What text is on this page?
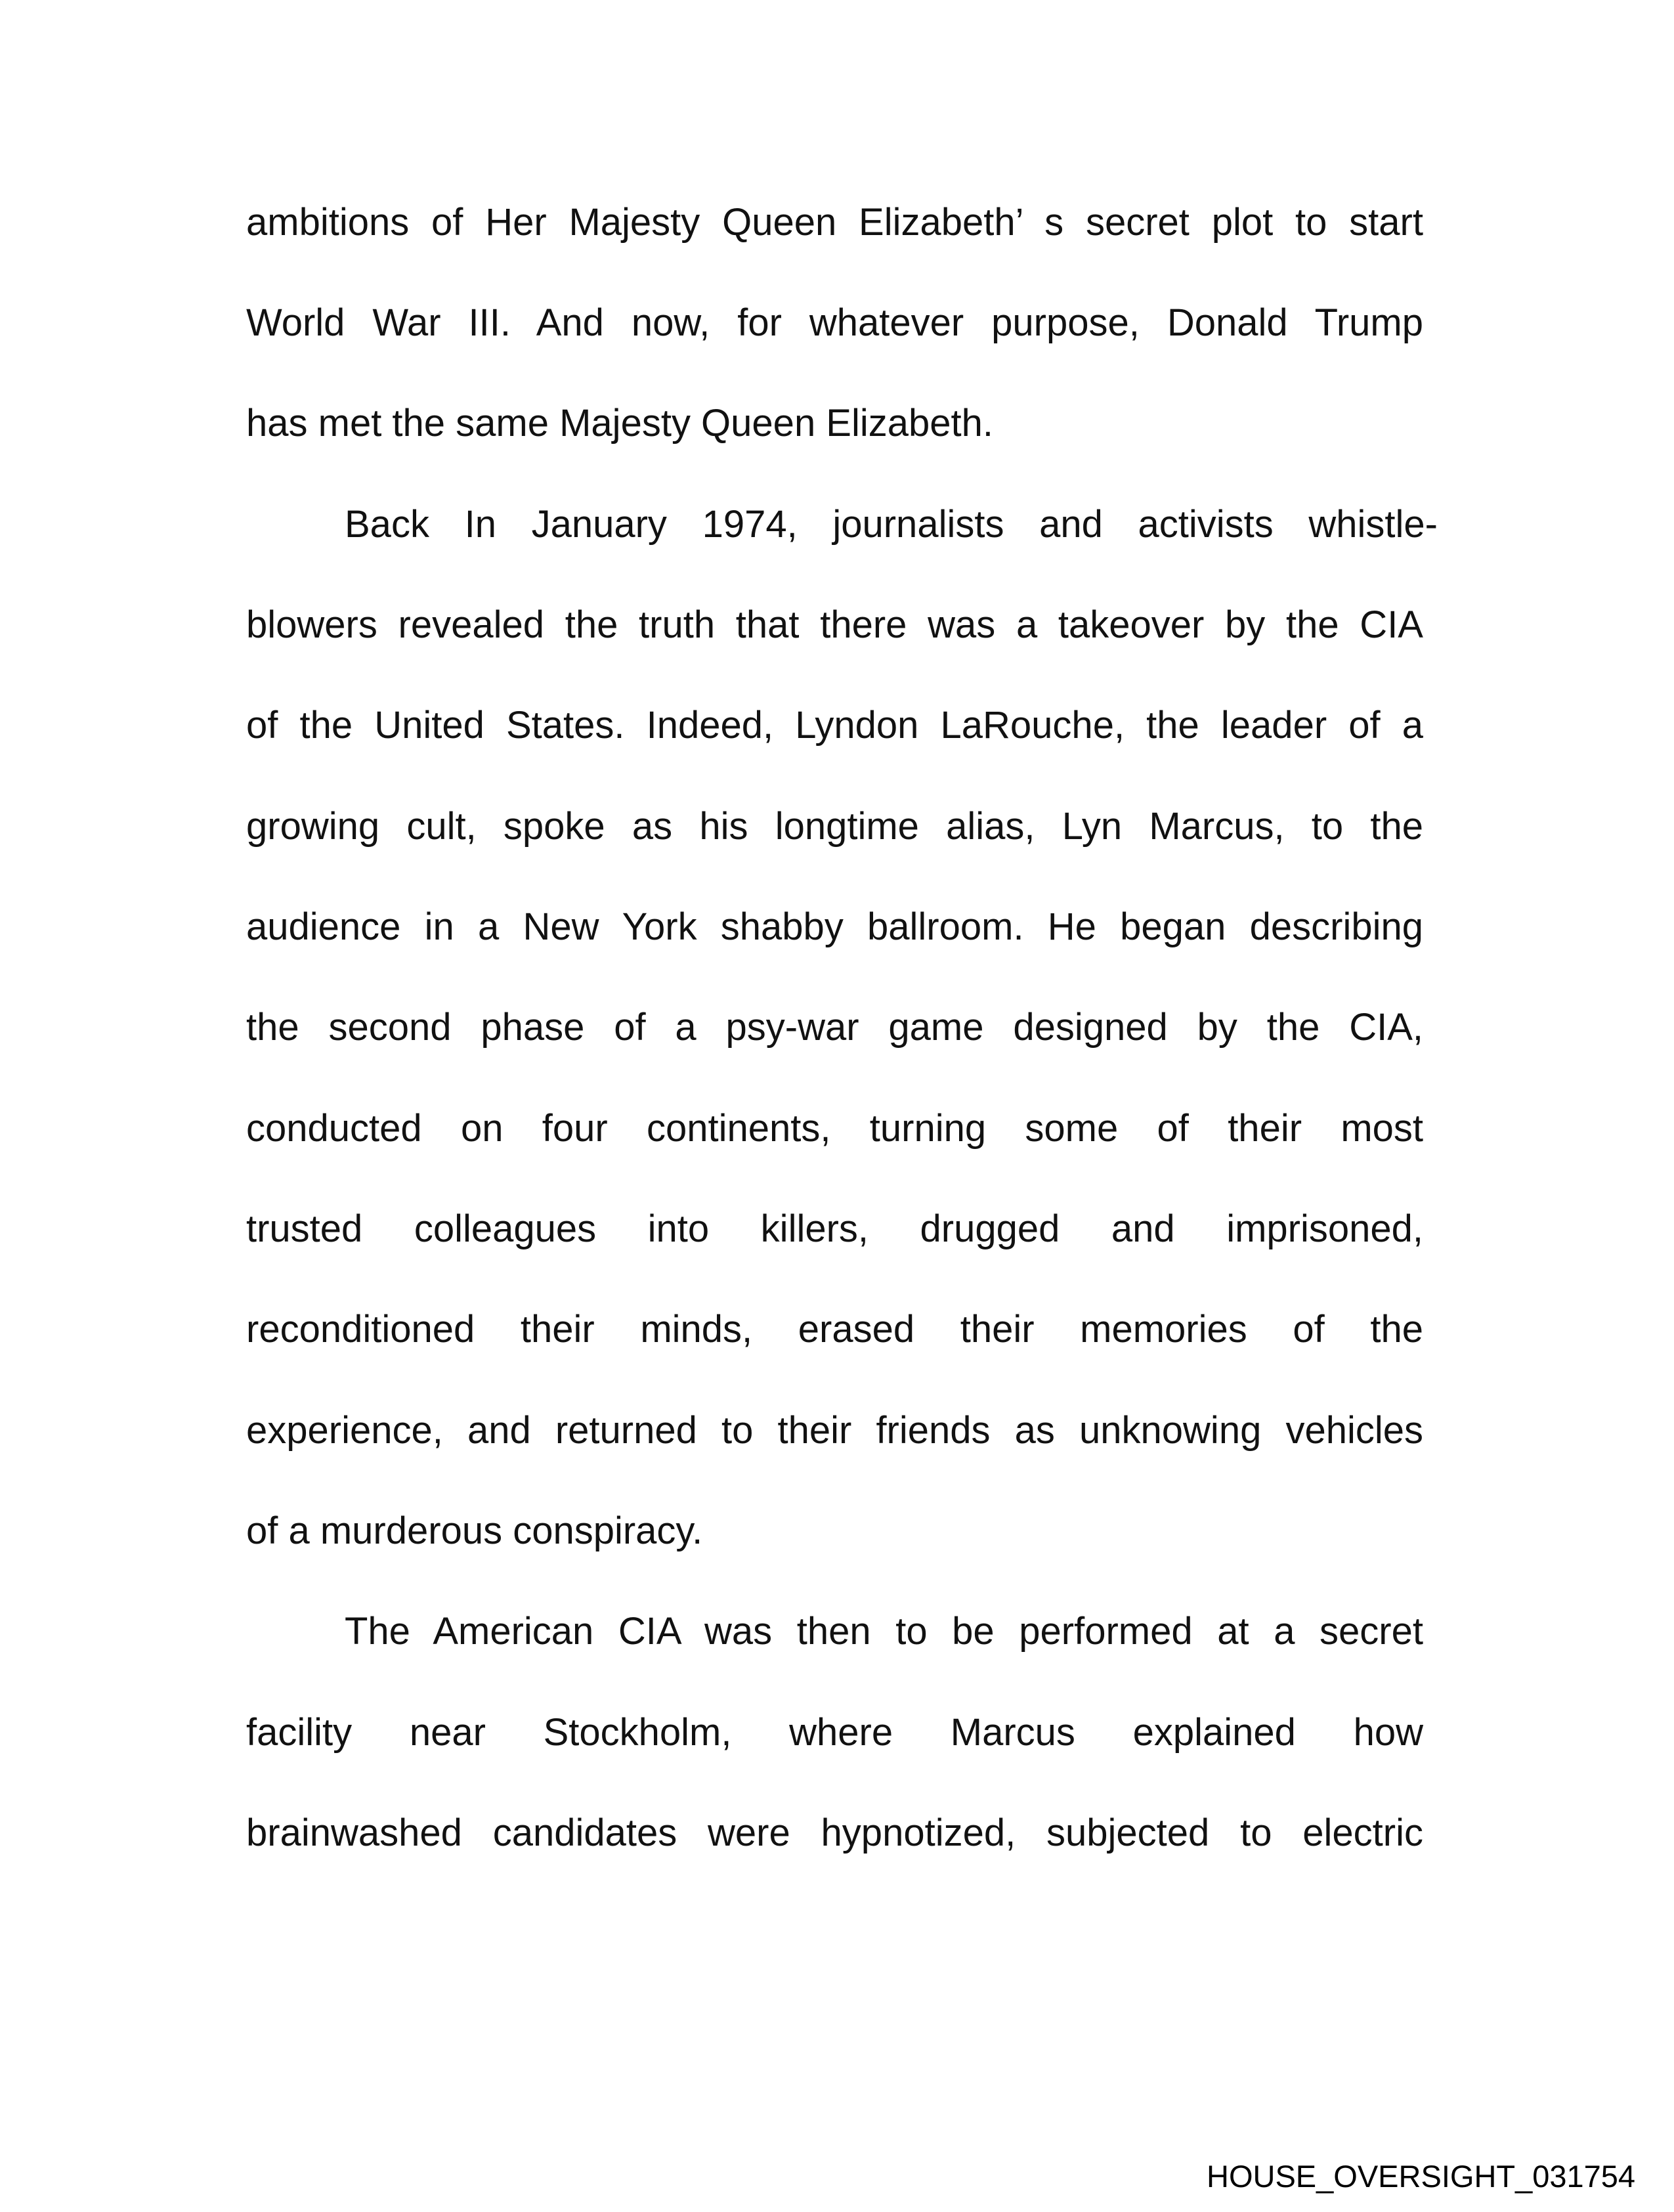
ambitions of Her Majesty Queen Elizabeth’ s secret plot to start
World War III. And now, for whatever purpose, Donald Trump
has met the same Majesty Queen Elizabeth.
Back In January 1974, journalists and activists whistle-
blowers revealed the truth that there was a takeover by the CIA
of the United States. Indeed, Lyndon LaRouche, the leader of a
growing cult, spoke as his longtime alias, Lyn Marcus, to the
audience in a New York shabby ballroom. He began describing
the second phase of a psy-war game designed by the CIA,
conducted on four continents, turning some of their most
trusted colleagues into killers, drugged and imprisoned,
reconditioned their minds, erased their memories of the
experience, and returned to their friends as unknowing vehicles
of a murderous conspiracy.
The American CIA was then to be performed at a secret
facility near Stockholm, where Marcus explained how
brainwashed candidates were hypnotized, subjected to electric
HOUSE_OVERSIGHT_031754
